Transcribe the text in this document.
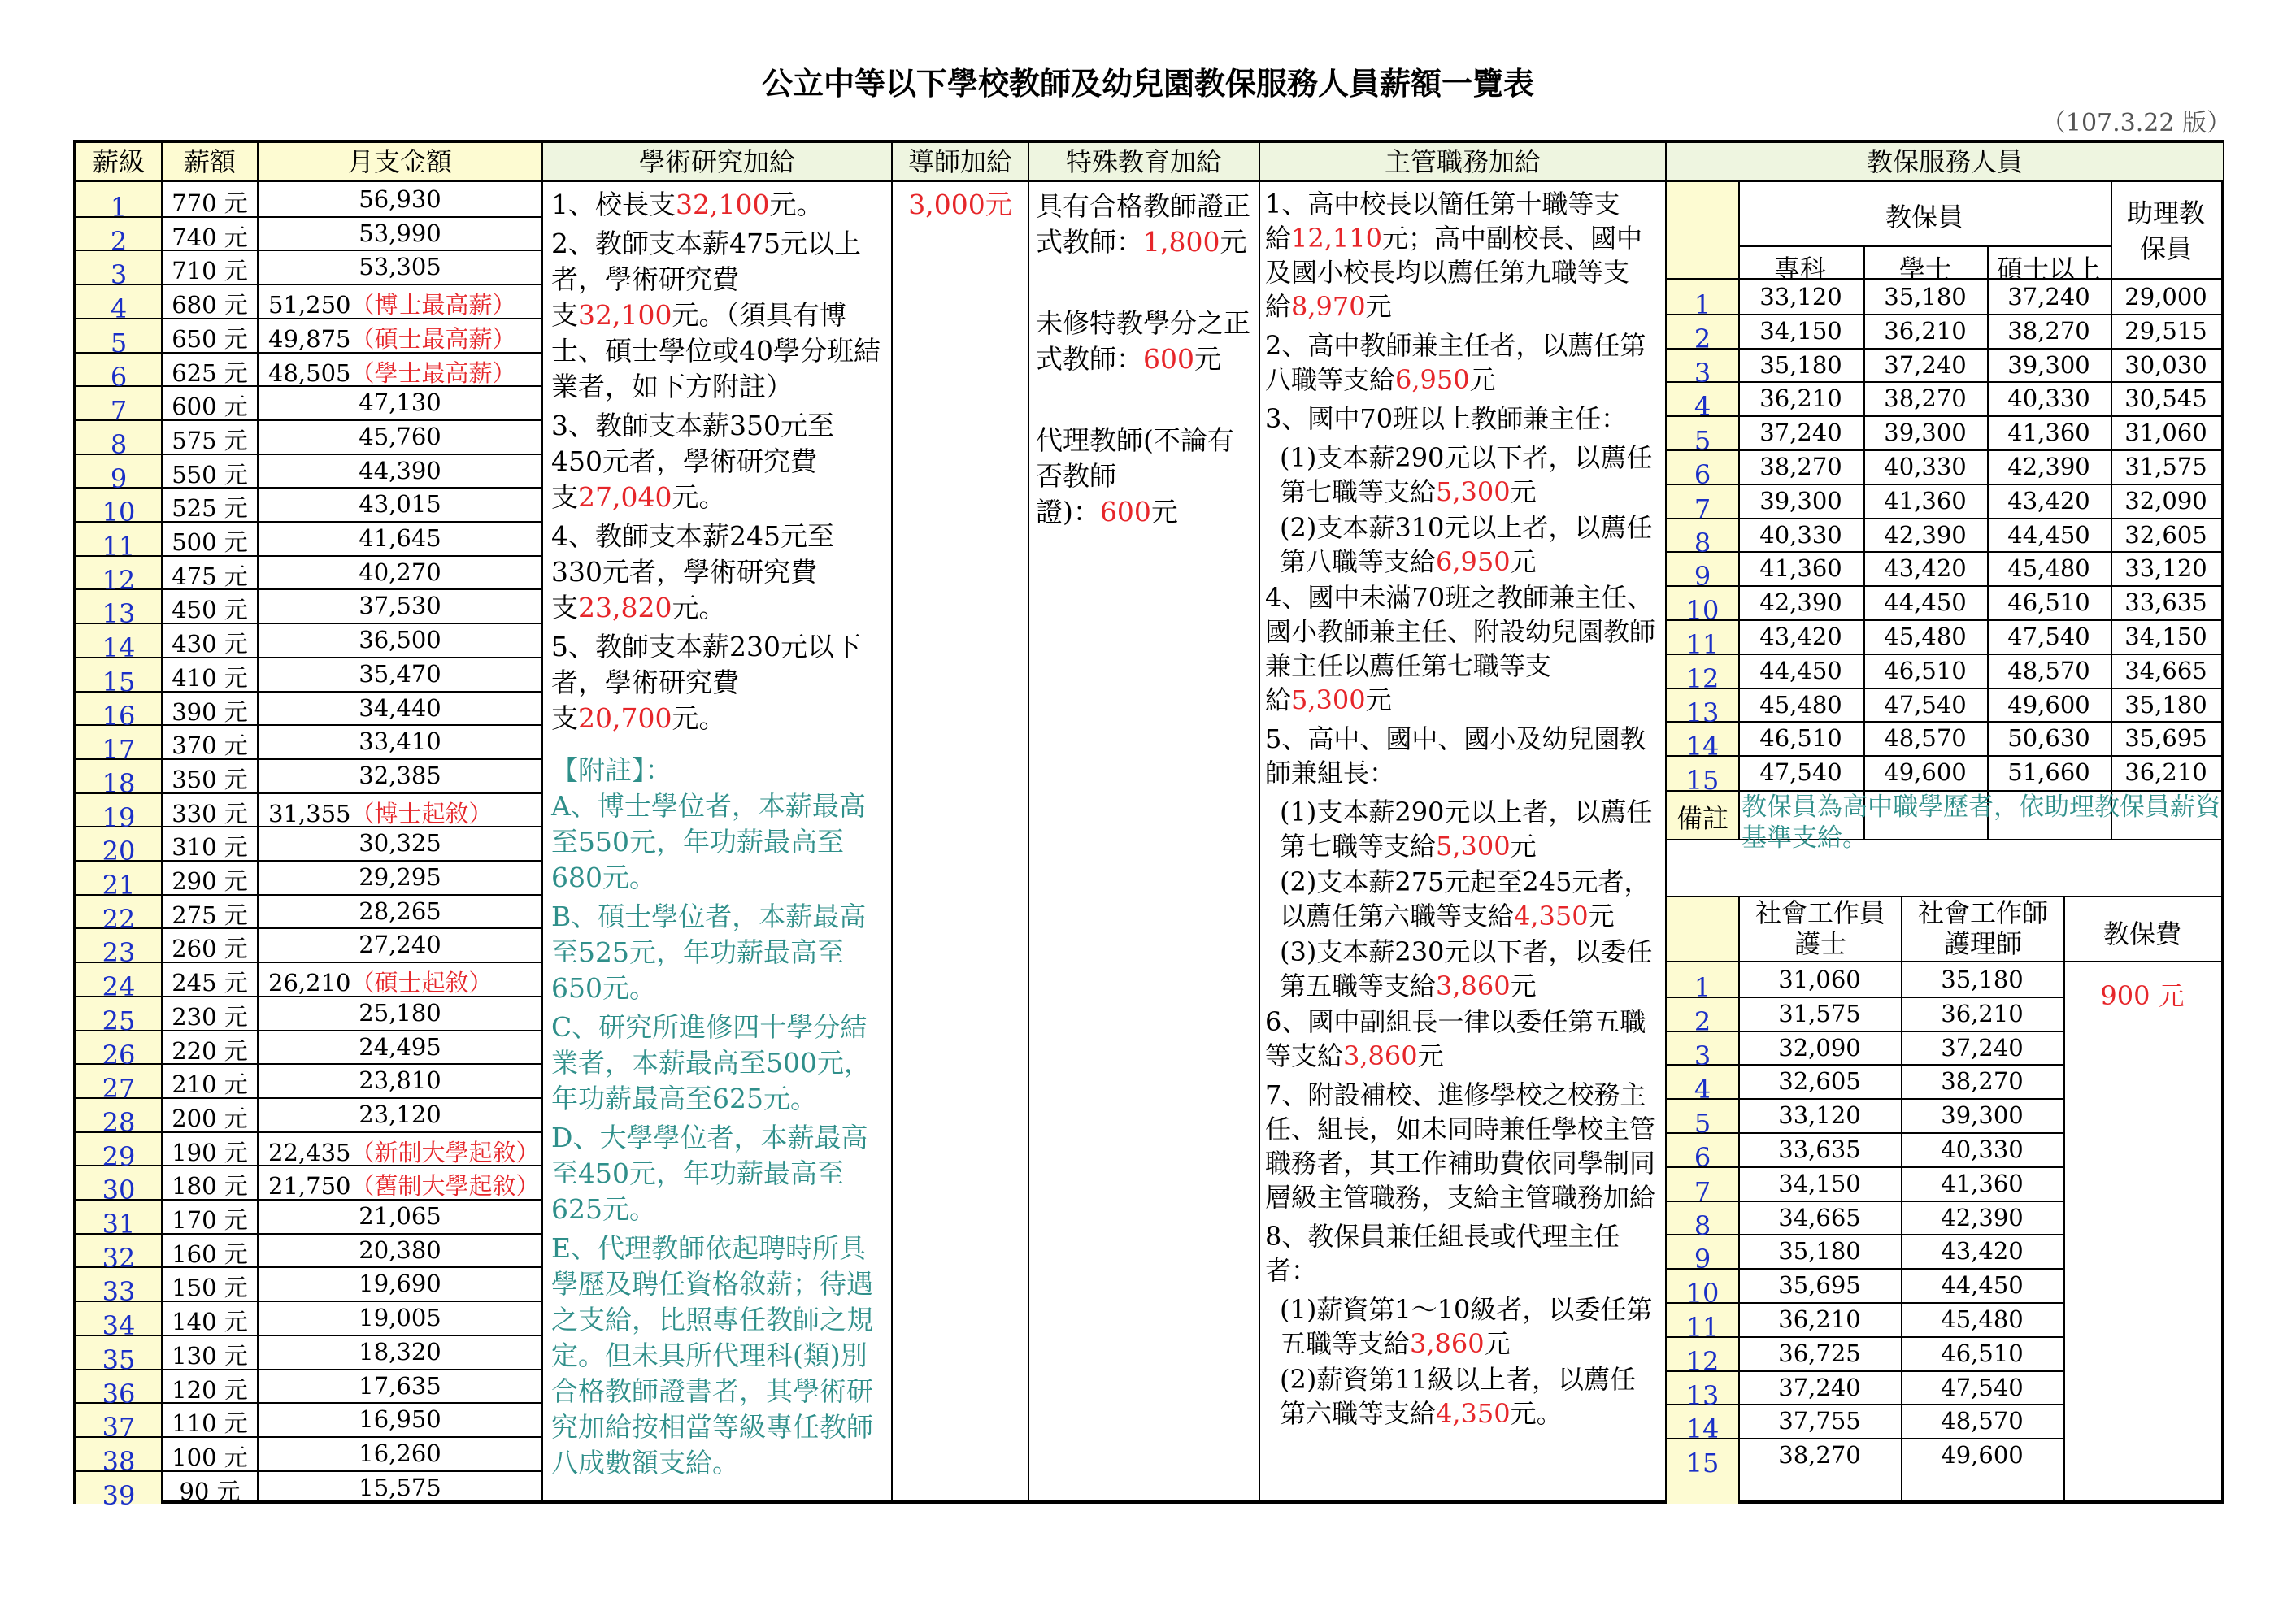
公立中等以下學校教師及幼兒園教保服務人員薪額一覽表
（107.3.22 版）
薪級	薪額	月支金額	學術研究加給	導師加給	特殊教育加給	主管職務加給	教保服務人員
1	770 元	56,930
2	740 元	53,990
3	710 元	53,305
4	680 元 51,250（博士最高薪）
5	650 元 49,875（碩士最高薪）
6	625 元 48,505（學士最高薪）
7	600 元	47,130
8	575 元	45,760
9	550 元	44,390
10	525 元	43,015
11	500 元	41,645
12	475 元	40,270
13	450 元	37,530
14	430 元	36,500
15	410 元	35,470
16	390 元	34,440
17	370 元	33,410
18	350 元	32,385
19	330 元 31,355（博士起敘）
20	310 元	30,325
21	290 元	29,295
22	275 元	28,265
23	260 元	27,240
24	245 元 26,210（碩士起敘）
25	230 元	25,180
26	220 元	24,495
27	210 元	23,810
28	200 元	23,120
29	190 元 22,435（新制大學起敘）
30	180 元 21,750（舊制大學起敘）
31	170 元	21,065
32	160 元	20,380
33	150 元	19,690
34	140 元	19,005
35	130 元	18,320
36	120 元	17,635
37	110 元	16,950
38	100 元	16,260
39	90 元	15,575
1、校長支32,100元。
2、教師支本薪475元以上者，學術研究費支32,100元。（須具有博士、碩士學位或40學分班結業者，如下方附註）
3、教師支本薪350元至450元者，學術研究費支27,040元。
4、教師支本薪245元至330元者，學術研究費支23,820元。
5、教師支本薪230元以下者，學術研究費支20,700元。

【附註】：

A、博士學位者，本薪最高至550元，年功薪最高至680元。
B、碩士學位者，本薪最高至525元，年功薪最高至650元。
C、研究所進修四十學分結業者，本薪最高至500元，年功薪最高至625元。
D、大學學位者，本薪最高至450元，年功薪最高至625元。
E、代理教師依起聘時所具學歷及聘任資格敘薪；待遇之支給，比照專任教師之規定。但未具所代理科(類)別合格教師證書者，其學術研究加給按相當等級專任教師八成數額支給。
3,000元 具有合格教師證正式教師：1,800元
未修特教學分之正式教師：600元
代理教師(不論有否教師證)：600元
1、高中校長以簡任第十職等支給12,110元；高中副校長、國中及國小校長均以薦任第九職等支給8,970元
2、高中教師兼主任者，以薦任第八職等支給6,950元
3、國中70班以上教師兼主任：
(1)支本薪290元以下者，以薦任第七職等支給5,300元
(2)支本薪310元以上者，以薦任第八職等支給6,950元
4、國中未滿70班之教師兼主任、國小教師兼主任、附設幼兒園教師兼主任以薦任第七職等支給5,300元
5、高中、國中、國小及幼兒園教師兼組長：
(1)支本薪290元以上者，以薦任第七職等支給5,300元
(2)支本薪275元起至245元者，以薦任第六職等支給4,350元
(3)支本薪230元以下者，以委任第五職等支給3,860元
6、國中副組長一律以委任第五職等支給3,860元
7、附設補校、進修學校之校務主任、組長，如未同時兼任學校主管職務者，其工作補助費依同學制同層級主管職務，支給主管職務加給
8、教保員兼任組長或代理主任者：
(1)薪資第1～10級者，以委任第五職等支給3,860元
(2)薪資第11級以上者，以薦任第六職等支給4,350元。
教保員	助理教保員
專科	學士	碩士以上
1	33,120	35,180	37,240	29,000
2	34,150	36,210	38,270	29,515
3	35,180	37,240	39,300	30,030
4	36,210	38,270	40,330	30,545
5	37,240	39,300	41,360	31,060
6	38,270	40,330	42,390	31,575
7	39,300	41,360	43,420	32,090
8	40,330	42,390	44,450	32,605
9	41,360	43,420	45,480	33,120
10	42,390	44,450	46,510	33,635
11	43,420	45,480	47,540	34,150
12	44,450	46,510	48,570	34,665
13	45,480	47,540	49,600	35,180
14	46,510	48,570	50,630	35,695
15	47,540	49,600	51,660	36,210
備註 教保員為高中職學歷者，依助理教保員薪資基準支給。
社會工作員護士
社會工作師護理師	教保費
900 元
1	31,060	35,180
2	31,575	36,210
3	32,090	37,240
4	32,605	38,270
5	33,120	39,300
6	33,635	40,330
7	34,150	41,360
8	34,665	42,390
9	35,180	43,420
10	35,695	44,450
11	36,210	45,480
12	36,725	46,510
13	37,240	47,540
14	37,755	48,570
15	38,270	49,600
